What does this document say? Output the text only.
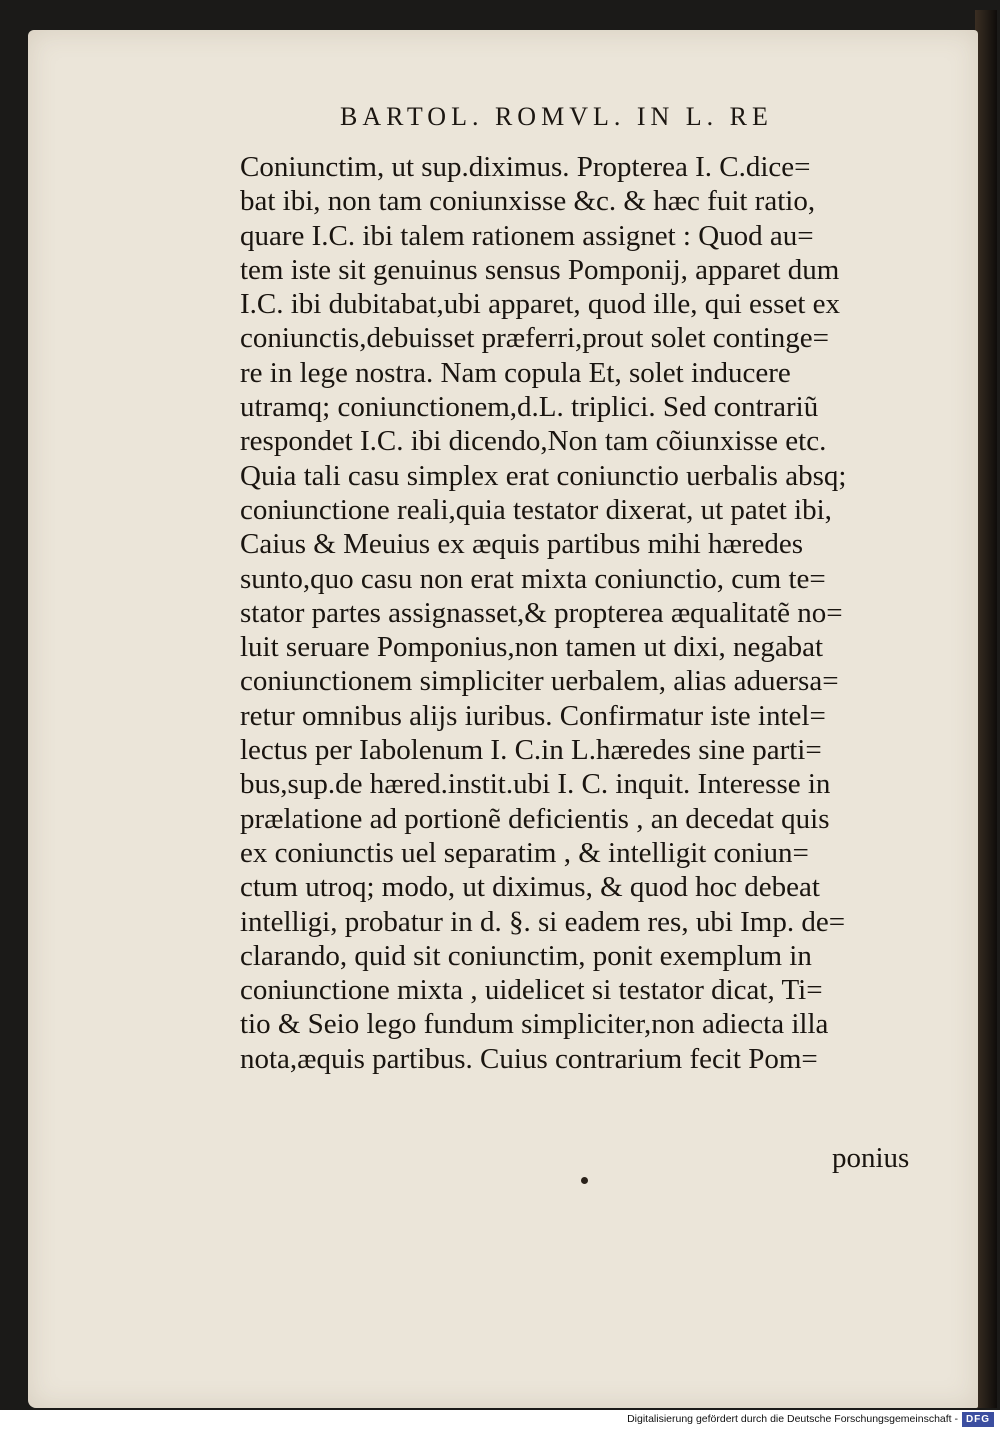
BARTOL. ROMVL. IN L. RE
Coniunctim, ut sup.diximus. Propterea I. C.dice=
bat ibi, non tam coniunxisse &c. & hæc fuit ratio,
quare I.C. ibi talem rationem assignet : Quod au=
tem iste sit genuinus sensus Pomponij, apparet dum
I.C. ibi dubitabat,ubi apparet, quod ille, qui esset ex
coniunctis,debuisset præferri,prout solet continge=
re in lege nostra. Nam copula Et, solet inducere
utramq; coniunctionem,d.L. triplici. Sed contrariũ
respondet I.C. ibi dicendo,Non tam cõiunxisse etc.
Quia tali casu simplex erat coniunctio uerbalis absq;
coniunctione reali,quia testator dixerat, ut patet ibi,
Caius & Meuius ex æquis partibus mihi hæredes
sunto,quo casu non erat mixta coniunctio, cum te=
stator partes assignasset,& propterea æqualitatẽ no=
luit seruare Pomponius,non tamen ut dixi, negabat
coniunctionem simpliciter uerbalem, alias aduersa=
retur omnibus alijs iuribus. Confirmatur iste intel=
lectus per Iabolenum I. C.in L.hæredes sine parti=
bus,sup.de hæred.instit.ubi I. C. inquit. Interesse in
prælatione ad portionẽ deficientis , an decedat quis
ex coniunctis uel separatim , & intelligit coniun=
ctum utroq; modo, ut diximus, & quod hoc debeat
intelligi, probatur in d. §. si eadem res, ubi Imp. de=
clarando, quid sit coniunctim, ponit exemplum in
coniunctione mixta , uidelicet si testator dicat, Ti=
tio & Seio lego fundum simpliciter,non adiecta illa
nota,æquis partibus. Cuius contrarium fecit Pom=
ponius
Digitalisierung gefördert durch die Deutsche Forschungsgemeinschaft - DFG
